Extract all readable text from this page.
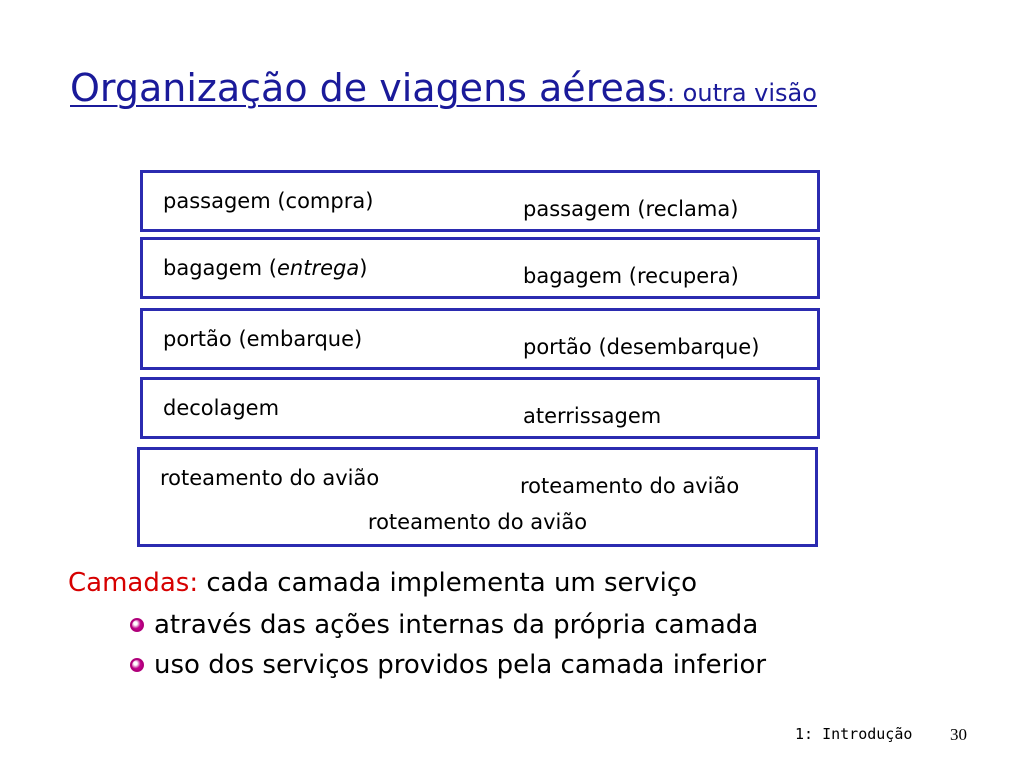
Organização de viagens aéreas: outra visão
passagem (compra)	passagem (reclama)
bagagem (entrega)	bagagem (recupera)
portão (embarque)	portão (desembarque)
decolagem	aterrissagem
roteamento do avião	roteamento do avião
roteamento do avião

Camadas: cada camada implementa um serviço

através das ações internas da própria camada
uso dos serviços providos pela camada inferior
1: Introdução 30
